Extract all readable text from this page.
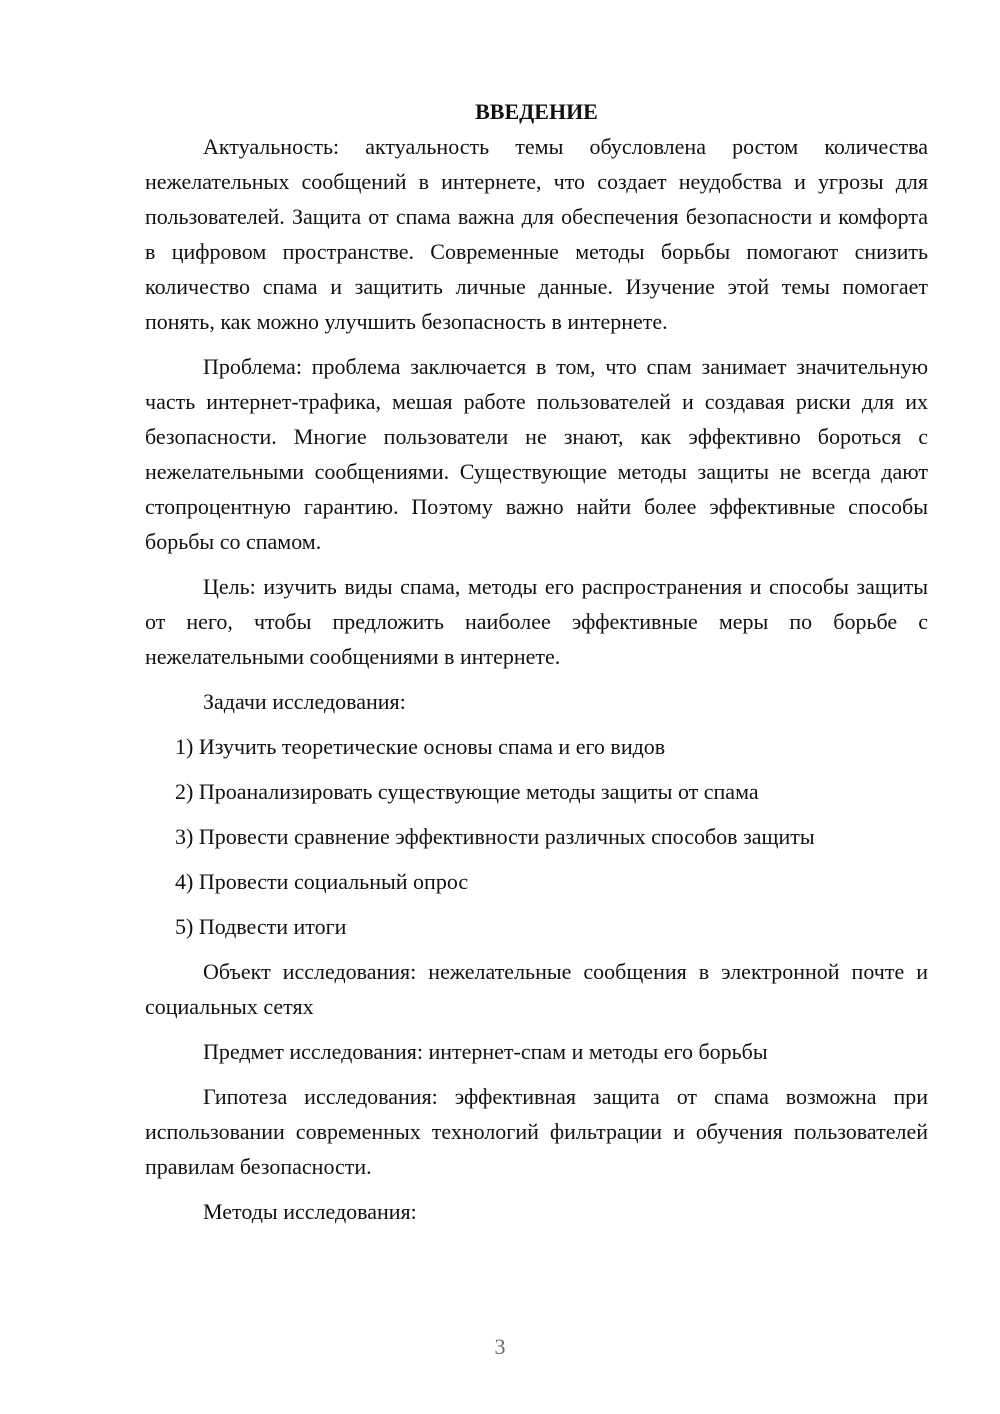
ВВЕДЕНИЕ

Актуальность: актуальность темы обусловлена ростом количества нежелательных сообщений в интернете, что создает неудобства и угрозы для пользователей. Защита от спама важна для обеспечения безопасности и комфорта в цифровом пространстве. Современные методы борьбы помогают снизить количество спама и защитить личные данные. Изучение этой темы помогает понять, как можно улучшить безопасность в интернете.

Проблема: проблема заключается в том, что спам занимает значительную часть интернет-трафика, мешая работе пользователей и создавая риски для их безопасности. Многие пользователи не знают, как эффективно бороться с нежелательными сообщениями. Существующие методы защиты не всегда дают стопроцентную гарантию. Поэтому важно найти более эффективные способы борьбы со спамом.

Цель: изучить виды спама, методы его распространения и способы защиты от него, чтобы предложить наиболее эффективные меры по борьбе с нежелательными сообщениями в интернете.

Задачи исследования:

1) Изучить теоретические основы спама и его видов
2) Проанализировать существующие методы защиты от спама
3) Провести сравнение эффективности различных способов защиты
4) Провести социальный опрос
5) Подвести итоги

Объект исследования: нежелательные сообщения в электронной почте и социальных сетях

Предмет исследования: интернет-спам и методы его борьбы

Гипотеза исследования: эффективная защита от спама возможна при использовании современных технологий фильтрации и обучения пользователей правилам безопасности.

Методы исследования:

3
